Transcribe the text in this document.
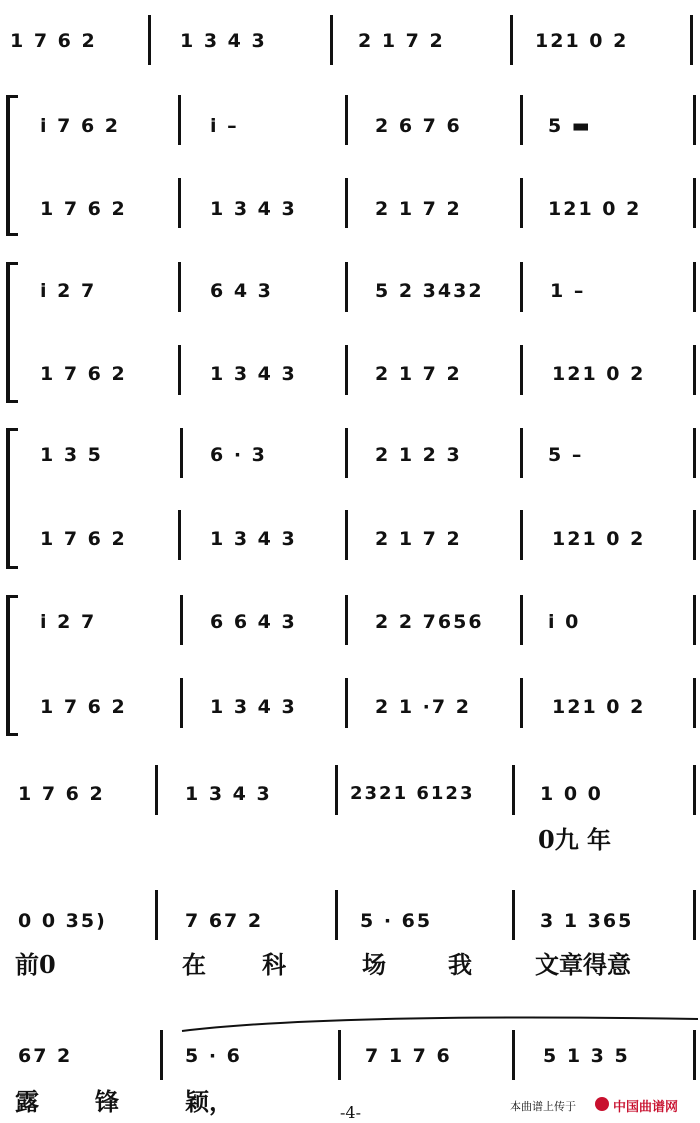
1 7 6 2	1 3 4 3	2 1 7 2	121 0 2
i 7 6 2	i –	2 6 7 6	5 ▬
1 7 6 2	1 3 4 3	2 1 7 2	121 0 2
i 2 7	6 4 3	5 2 3432	1 –
1 7 6 2	1 3 4 3	2 1 7 2	121 0 2
1 3 5	6 · 3	2 1 2 3	5 –
1 7 6 2	1 3 4 3	2 1 7 2	121 0 2
i 2 7	6 6 4 3	2 2 7656	i 0
1 7 6 2	1 3 4 3	2 1 ·7 2	121 0 2
1 7 6 2	1 3 4 3	2321 6123	1 0 0
0九 年
0 0 35)	7 67 2	5 · 65	3 1 365
前0	在 科	场	我	文章得意
67 2	5 · 6	7 1 7 6	5 1 3 5
露 锋	颖，	-4-	本曲谱上传于	中国曲谱网
